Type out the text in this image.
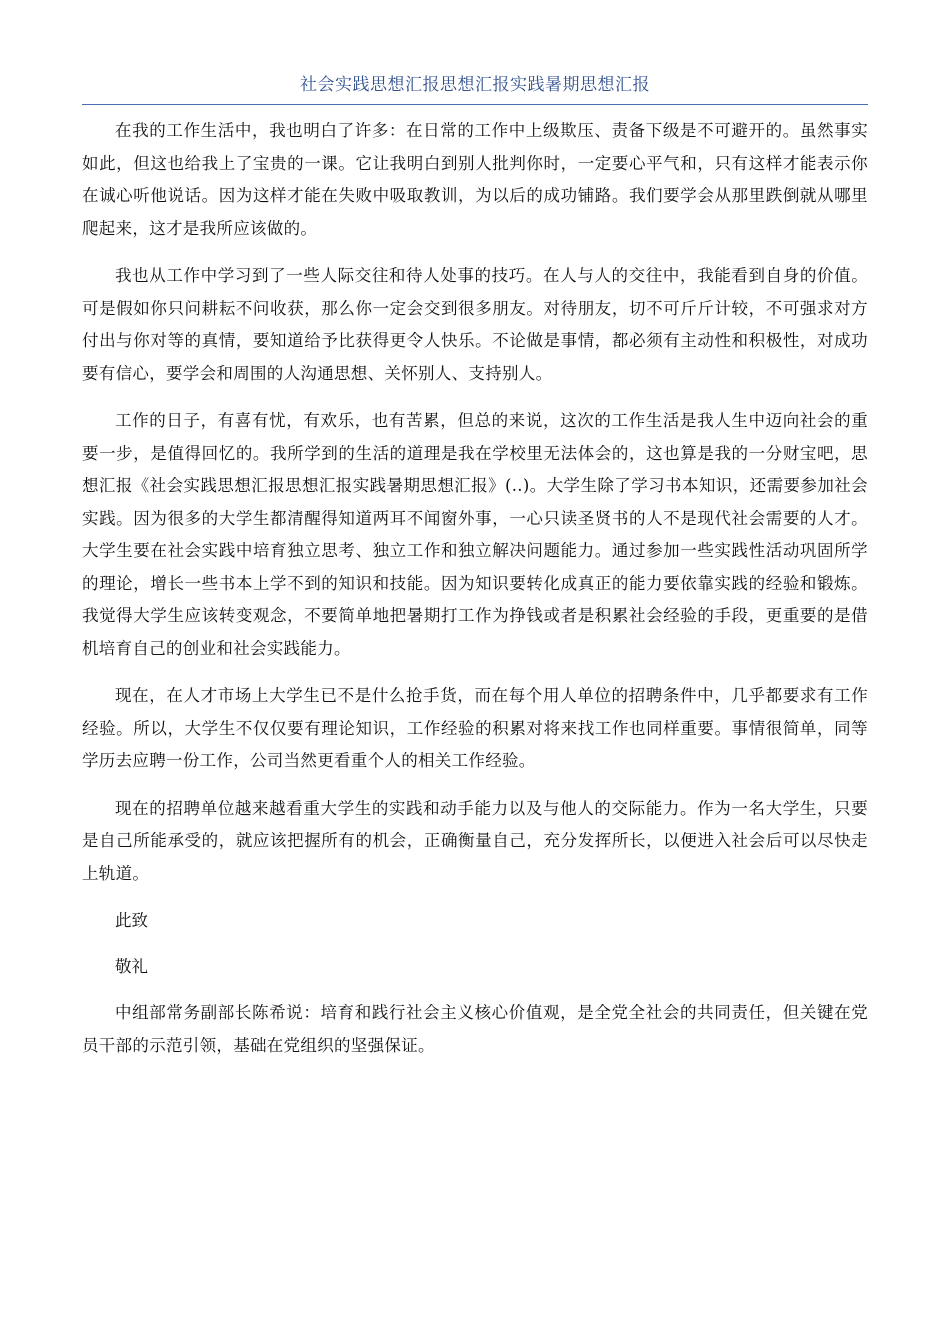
社会实践思想汇报思想汇报实践暑期思想汇报

在我的工作生活中，我也明白了许多：在日常的工作中上级欺压、责备下级是不可避开的。虽然事实如此，但这也给我上了宝贵的一课。它让我明白到别人批判你时，一定要心平气和，只有这样才能表示你在诚心听他说话。因为这样才能在失败中吸取教训，为以后的成功铺路。我们要学会从那里跌倒就从哪里爬起来，这才是我所应该做的。

我也从工作中学习到了一些人际交往和待人处事的技巧。在人与人的交往中，我能看到自身的价值。可是假如你只问耕耘不问收获，那么你一定会交到很多朋友。对待朋友，切不可斤斤计较，不可强求对方付出与你对等的真情，要知道给予比获得更令人快乐。不论做是事情，都必须有主动性和积极性，对成功要有信心，要学会和周围的人沟通思想、关怀别人、支持别人。

工作的日子，有喜有忧，有欢乐，也有苦累，但总的来说，这次的工作生活是我人生中迈向社会的重要一步，是值得回忆的。我所学到的生活的道理是我在学校里无法体会的，这也算是我的一分财宝吧，思想汇报《社会实践思想汇报思想汇报实践暑期思想汇报》(..)。大学生除了学习书本知识，还需要参加社会实践。因为很多的大学生都清醒得知道两耳不闻窗外事，一心只读圣贤书的人不是现代社会需要的人才。大学生要在社会实践中培育独立思考、独立工作和独立解决问题能力。通过参加一些实践性活动巩固所学的理论，增长一些书本上学不到的知识和技能。因为知识要转化成真正的能力要依靠实践的经验和锻炼。我觉得大学生应该转变观念，不要简单地把暑期打工作为挣钱或者是积累社会经验的手段，更重要的是借机培育自己的创业和社会实践能力。

现在，在人才市场上大学生已不是什么抢手货，而在每个用人单位的招聘条件中，几乎都要求有工作经验。所以，大学生不仅仅要有理论知识，工作经验的积累对将来找工作也同样重要。事情很简单，同等学历去应聘一份工作，公司当然更看重个人的相关工作经验。

现在的招聘单位越来越看重大学生的实践和动手能力以及与他人的交际能力。作为一名大学生，只要是自己所能承受的，就应该把握所有的机会，正确衡量自己，充分发挥所长，以便进入社会后可以尽快走上轨道。

此致

敬礼

中组部常务副部长陈希说：培育和践行社会主义核心价值观，是全党全社会的共同责任，但关键在党员干部的示范引领，基础在党组织的坚强保证。
